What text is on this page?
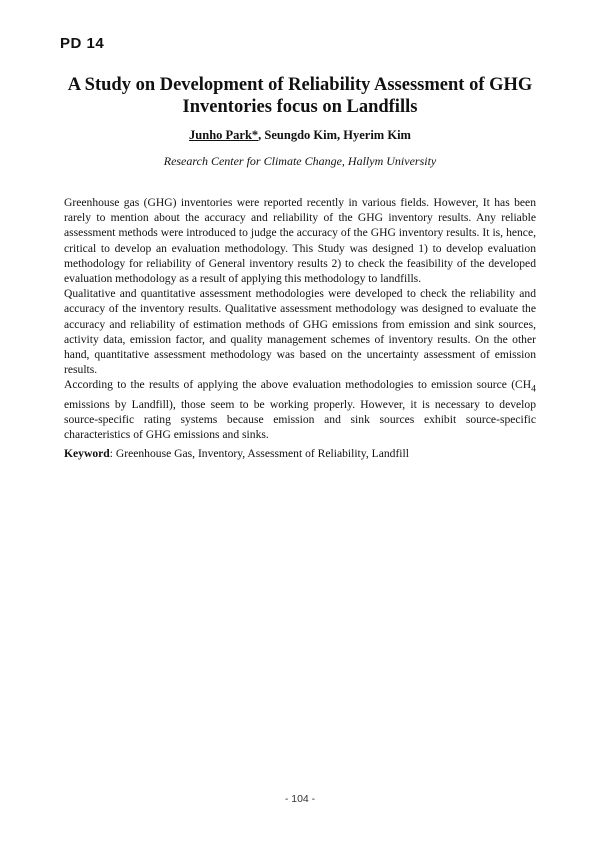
PD 14
A Study on Development of Reliability Assessment of GHG
Inventories focus on Landfills
Junho Park*, Seungdo Kim, Hyerim Kim
Research Center for Climate Change, Hallym University

Greenhouse gas (GHG) inventories were reported recently in various fields. However, It has been rarely to mention about the accuracy and reliability of the GHG inventory results. Any reliable assessment methods were introduced to judge the accuracy of the GHG inventory results. It is, hence, critical to develop an evaluation methodology. This Study was designed 1) to develop evaluation methodology for reliability of General inventory results 2) to check the feasibility of the developed evaluation methodology as a result of applying this methodology to landfills.

Qualitative and quantitative assessment methodologies were developed to check the reliability and accuracy of the inventory results. Qualitative assessment methodology was designed to evaluate the accuracy and reliability of estimation methods of GHG emissions from emission and sink sources, activity data, emission factor, and quality management schemes of inventory results. On the other hand, quantitative assessment methodology was based on the uncertainty assessment of emission results.

According to the results of applying the above evaluation methodologies to emission source ($CH_4$ emissions by Landfill), those seem to be working properly. However, it is necessary to develop source-specific rating systems because emission and sink sources exhibit source-specific characteristics of GHG emissions and sinks.

Keyword: Greenhouse Gas, Inventory, Assessment of Reliability, Landfill
- 104 -
